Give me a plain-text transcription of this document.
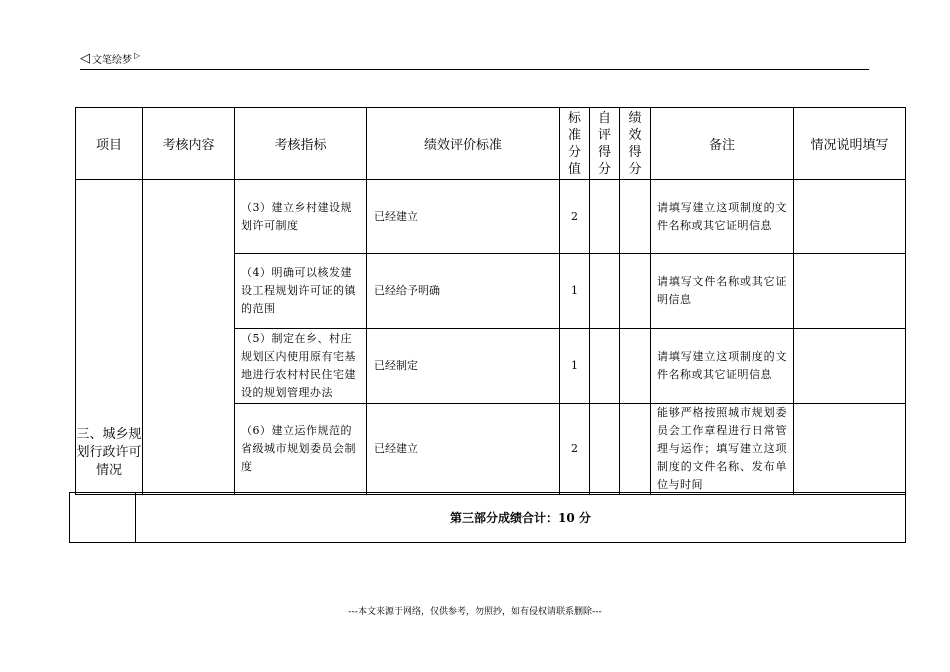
◁ 文笔绘梦 ▷
项目	考核内容	考核指标	绩效评价标准	标
准
分
值	自
评
得
分	绩
效
得
分	备注	情况说明填写
三、城乡规划行政许可情况		（3）建立乡村建设规划许可制度	已经建立	2			请填写建立这项制度的文件名称或其它证明信息	
		（4）明确可以核发建设工程规划许可证的镇的范围	已经给予明确	1			请填写文件名称或其它证明信息	
		（5）制定在乡、村庄规划区内使用原有宅基地进行农村村民住宅建设的规划管理办法	已经制定	1			请填写建立这项制度的文件名称或其它证明信息	
		（6）建立运作规范的省级城市规划委员会制度	已经建立	2			能够严格按照城市规划委员会工作章程进行日常管理与运作；填写建立这项制度的文件名称、发布单位与时间	
	第三部分成绩合计：10 分
---本文来源于网络，仅供参考，勿照抄，如有侵权请联系删除---
